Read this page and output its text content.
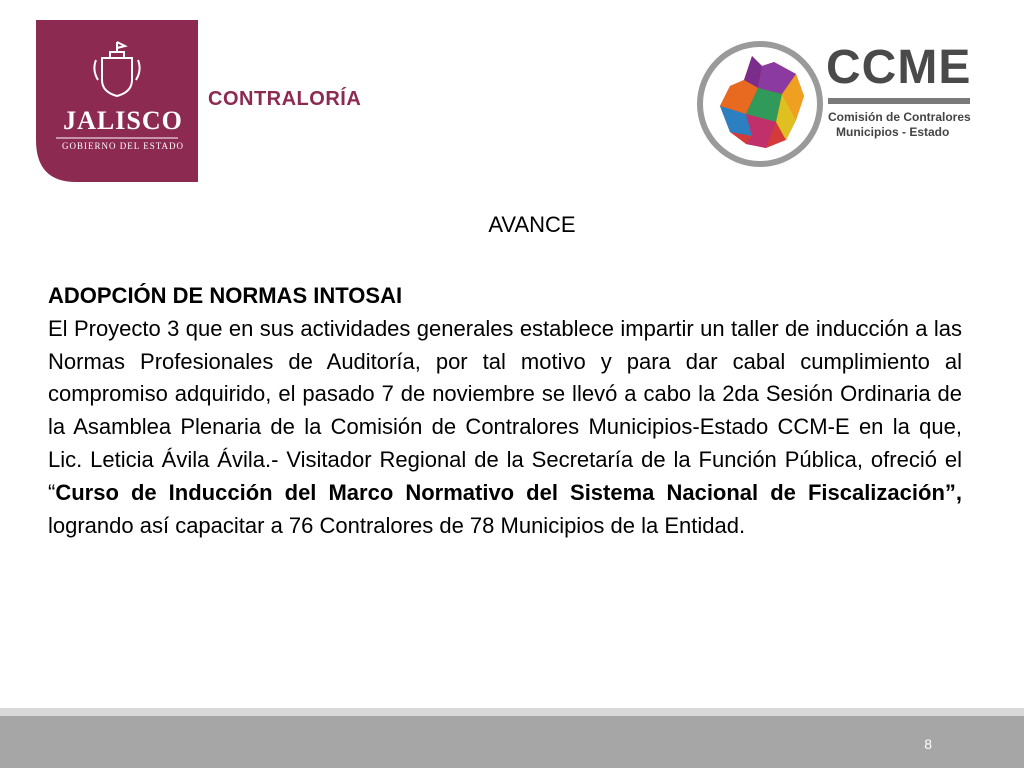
JALISCO
GOBIERNO DEL ESTADO
CONTRALORÍA
CCME
Comisión de Contralores
Municipios - Estado
AVANCE
ADOPCIÓN DE NORMAS INTOSAI

El Proyecto 3 que en sus actividades generales establece impartir un taller de inducción a las Normas Profesionales de Auditoría, por tal motivo y para dar cabal cumplimiento al compromiso adquirido, el pasado 7 de noviembre se llevó a cabo la 2da Sesión Ordinaria de la Asamblea Plenaria de la Comisión de Contralores Municipios-Estado CCM-E en la que, Lic. Leticia Ávila Ávila.- Visitador Regional de la Secretaría de la Función Pública, ofreció el “Curso de Inducción del Marco Normativo del Sistema Nacional de Fiscalización”, logrando así capacitar a 76 Contralores de 78 Municipios de la Entidad.

8
